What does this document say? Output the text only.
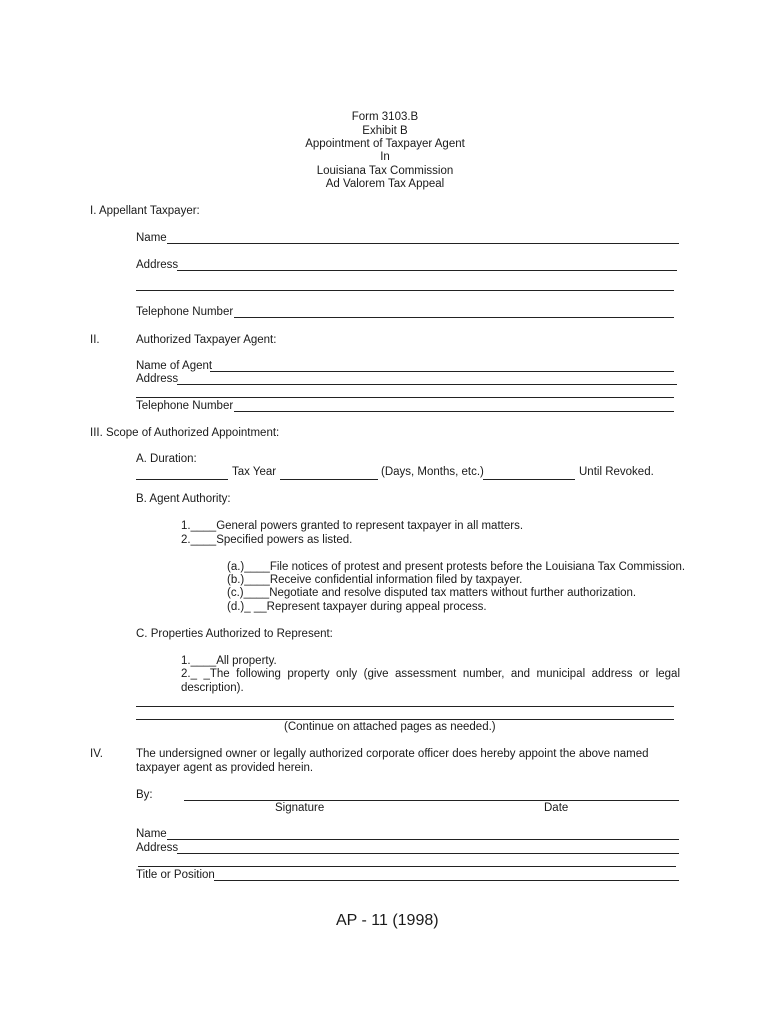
Form 3103.B
Exhibit B
Appointment of Taxpayer Agent
In
Louisiana Tax Commission
Ad Valorem Tax Appeal
I. Appellant Taxpayer:
Name
Address
Telephone Number
II.	Authorized Taxpayer Agent:
Name of Agent
Address
Telephone Number
III. Scope of Authorized Appointment:
A. Duration:
Tax Year	(Days, Months, etc.)	Until Revoked.
B. Agent Authority:
1.____General powers granted to represent taxpayer in all matters.
2.____Specified powers as listed.
(a.)____File notices of protest and present protests before the Louisiana Tax Commission.
(b.)____Receive confidential information filed by taxpayer.
(c.)____Negotiate and resolve disputed tax matters without further authorization.
(d.)_ __Represent taxpayer during appeal process.
C. Properties Authorized to Represent:
1.____All property.
2._ _The following property only (give assessment number, and municipal address or legal
description).
(Continue on attached pages as needed.)
IV.	The undersigned owner or legally authorized corporate officer does hereby appoint the above named
taxpayer agent as provided herein.
By:
Signature	Date
Name
Address
Title or Position
AP - 11 (1998)
